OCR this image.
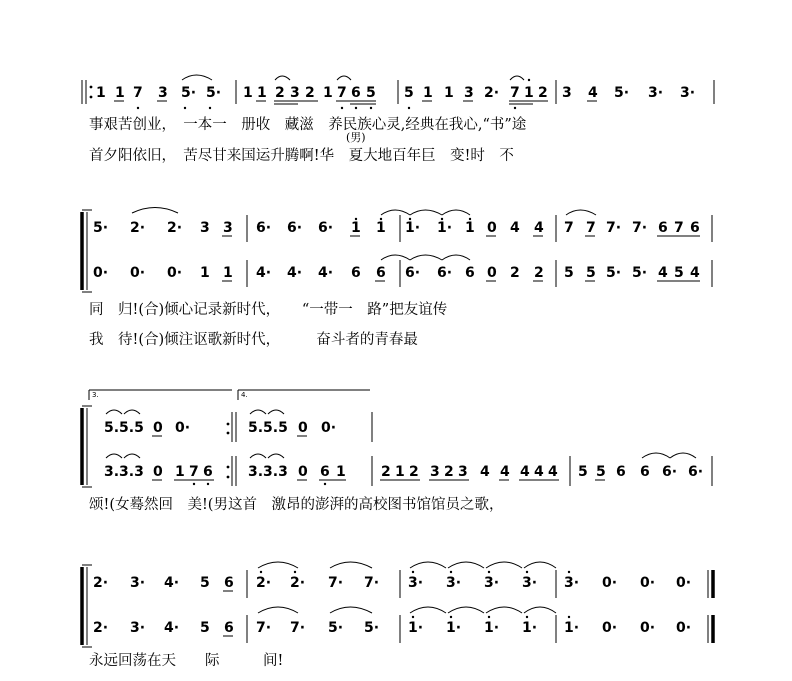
1 1 7 3 5· 5· 1 1 2 3 2 1 7 6 5 5 1 1 3 2· 7 1 2 3 4 5· 3· 3·
事艰苦创业，　一本一　册收　藏滋　养民族心灵,经典在我心,“书”途
首夕阳依旧，　苦尽甘来国运升腾啊!华　夏大地百年巨　变!时　不
(男)
5· 2· 2· 3 3 6· 6· 6· 1 1 1· 1· 1 0 4 4 7 7 7· 7· 6 7 6
0· 0· 0· 1 1 4· 4· 4· 6 6 6· 6· 6 0 2 2 5 5 5· 5· 4 5 4
同　归!(合)倾心记录新时代，　　“一带一　路”把友谊传
我　待!(合)倾注讴歌新时代，　　　奋斗者的青春最
3.	4.
5.5.5 0 0·	5.5.5 0 0·
3.3.3 0 1 7 6	3.3.3 0 6 1	2 1 2 3 2 3 4 4 4 4 4 5 5 6 6 6· 6·
颂!(女蓦然回　美!(男这首　激昂的澎湃的高校图书馆馆员之歌，
2· 3· 4· 5 6 2· 2· 7· 7· 3· 3· 3· 3· 3· 0· 0· 0·
2· 3· 4· 5 6 7· 7· 5· 5· 1· 1· 1· 1· 1· 0· 0· 0·
永远回荡在天　　际　　　间!
